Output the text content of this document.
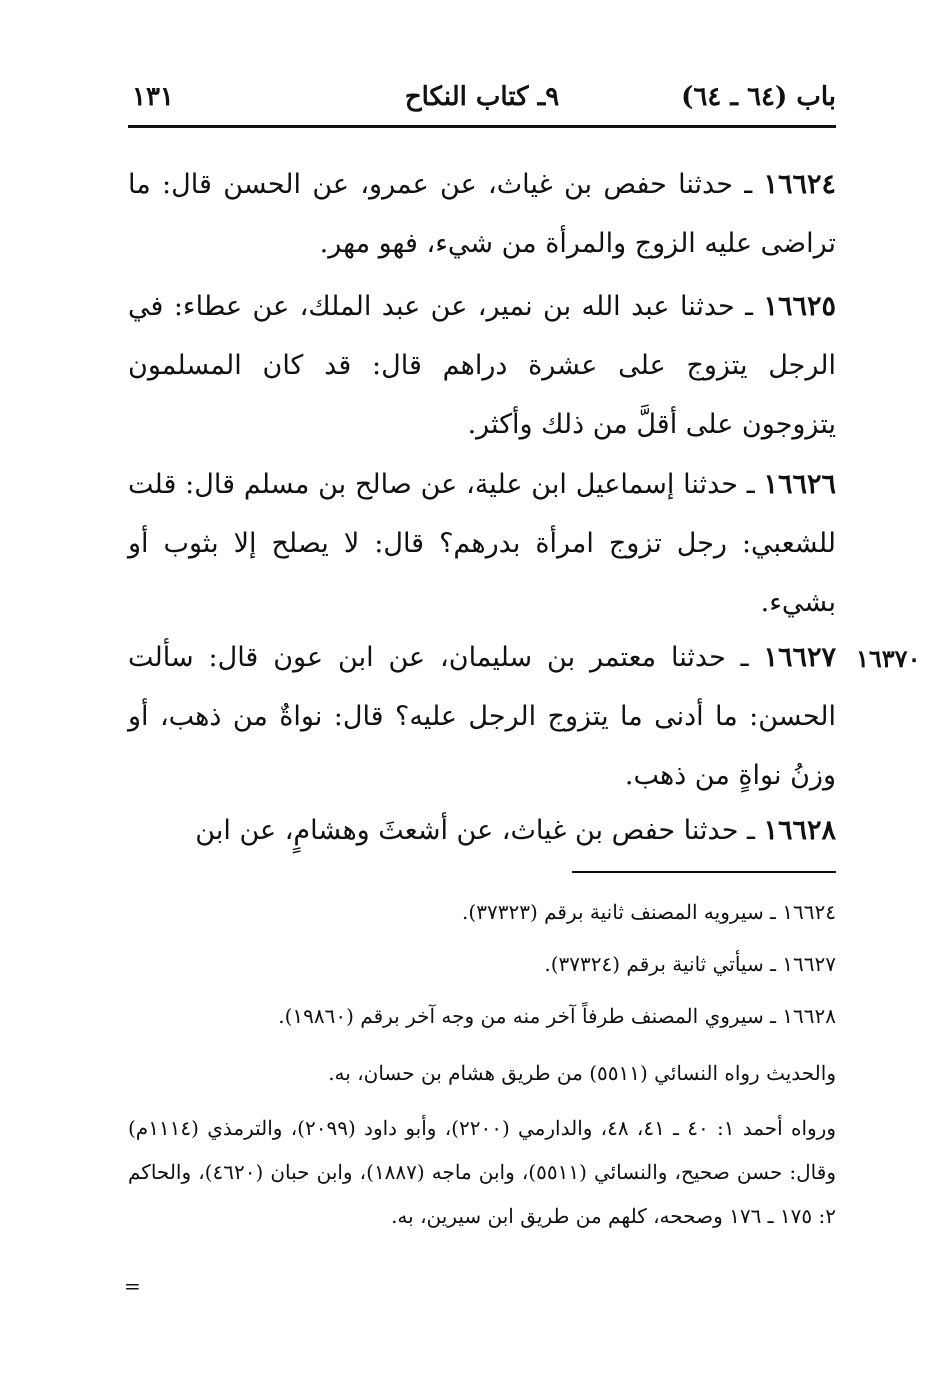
باب (٦٤ ـ ٦٤)
٩ـ كتاب النكاح
١٣١
١٦٦٢٤ ـ حدثنا حفص بن غياث، عن عمرو، عن الحسن قال: ما تراضى عليه الزوج والمرأة من شيء، فهو مهر.
١٦٦٢٥ ـ حدثنا عبد الله بن نمير، عن عبد الملك، عن عطاء: في الرجل يتزوج على عشرة دراهم قال: قد كان المسلمون يتزوجون على أقلَّ من ذلك وأكثر.
١٦٦٢٦ ـ حدثنا إسماعيل ابن علية، عن صالح بن مسلم قال: قلت للشعبي: رجل تزوج امرأة بدرهم؟ قال: لا يصلح إلا بثوب أو بشيء.
١٦٦٢٧ ـ حدثنا معتمر بن سليمان، عن ابن عون قال: سألت الحسن: ما أدنى ما يتزوج الرجل عليه؟ قال: نواةٌ من ذهب، أو وزنُ نواةٍ من ذهب.
١٦٣٧٠
١٦٦٢٨ ـ حدثنا حفص بن غياث، عن أشعثَ وهشامٍ، عن ابن
١٦٦٢٤ ـ سيرويه المصنف ثانية برقم (٣٧٣٢٣).
١٦٦٢٧ ـ سيأتي ثانية برقم (٣٧٣٢٤).
١٦٦٢٨ ـ سيروي المصنف طرفاً آخر منه من وجه آخر برقم (١٩٨٦٠).
والحديث رواه النسائي (٥٥١١) من طريق هشام بن حسان، به.
ورواه أحمد ١: ٤٠ ـ ٤١، ٤٨، والدارمي (٢٢٠٠)، وأبو داود (٢٠٩٩)، والترمذي (١١١٤م) وقال: حسن صحيح، والنسائي (٥٥١١)، وابن ماجه (١٨٨٧)، وابن حبان (٤٦٢٠)، والحاكم ٢: ١٧٥ ـ ١٧٦ وصححه، كلهم من طريق ابن سيرين، به.
=
